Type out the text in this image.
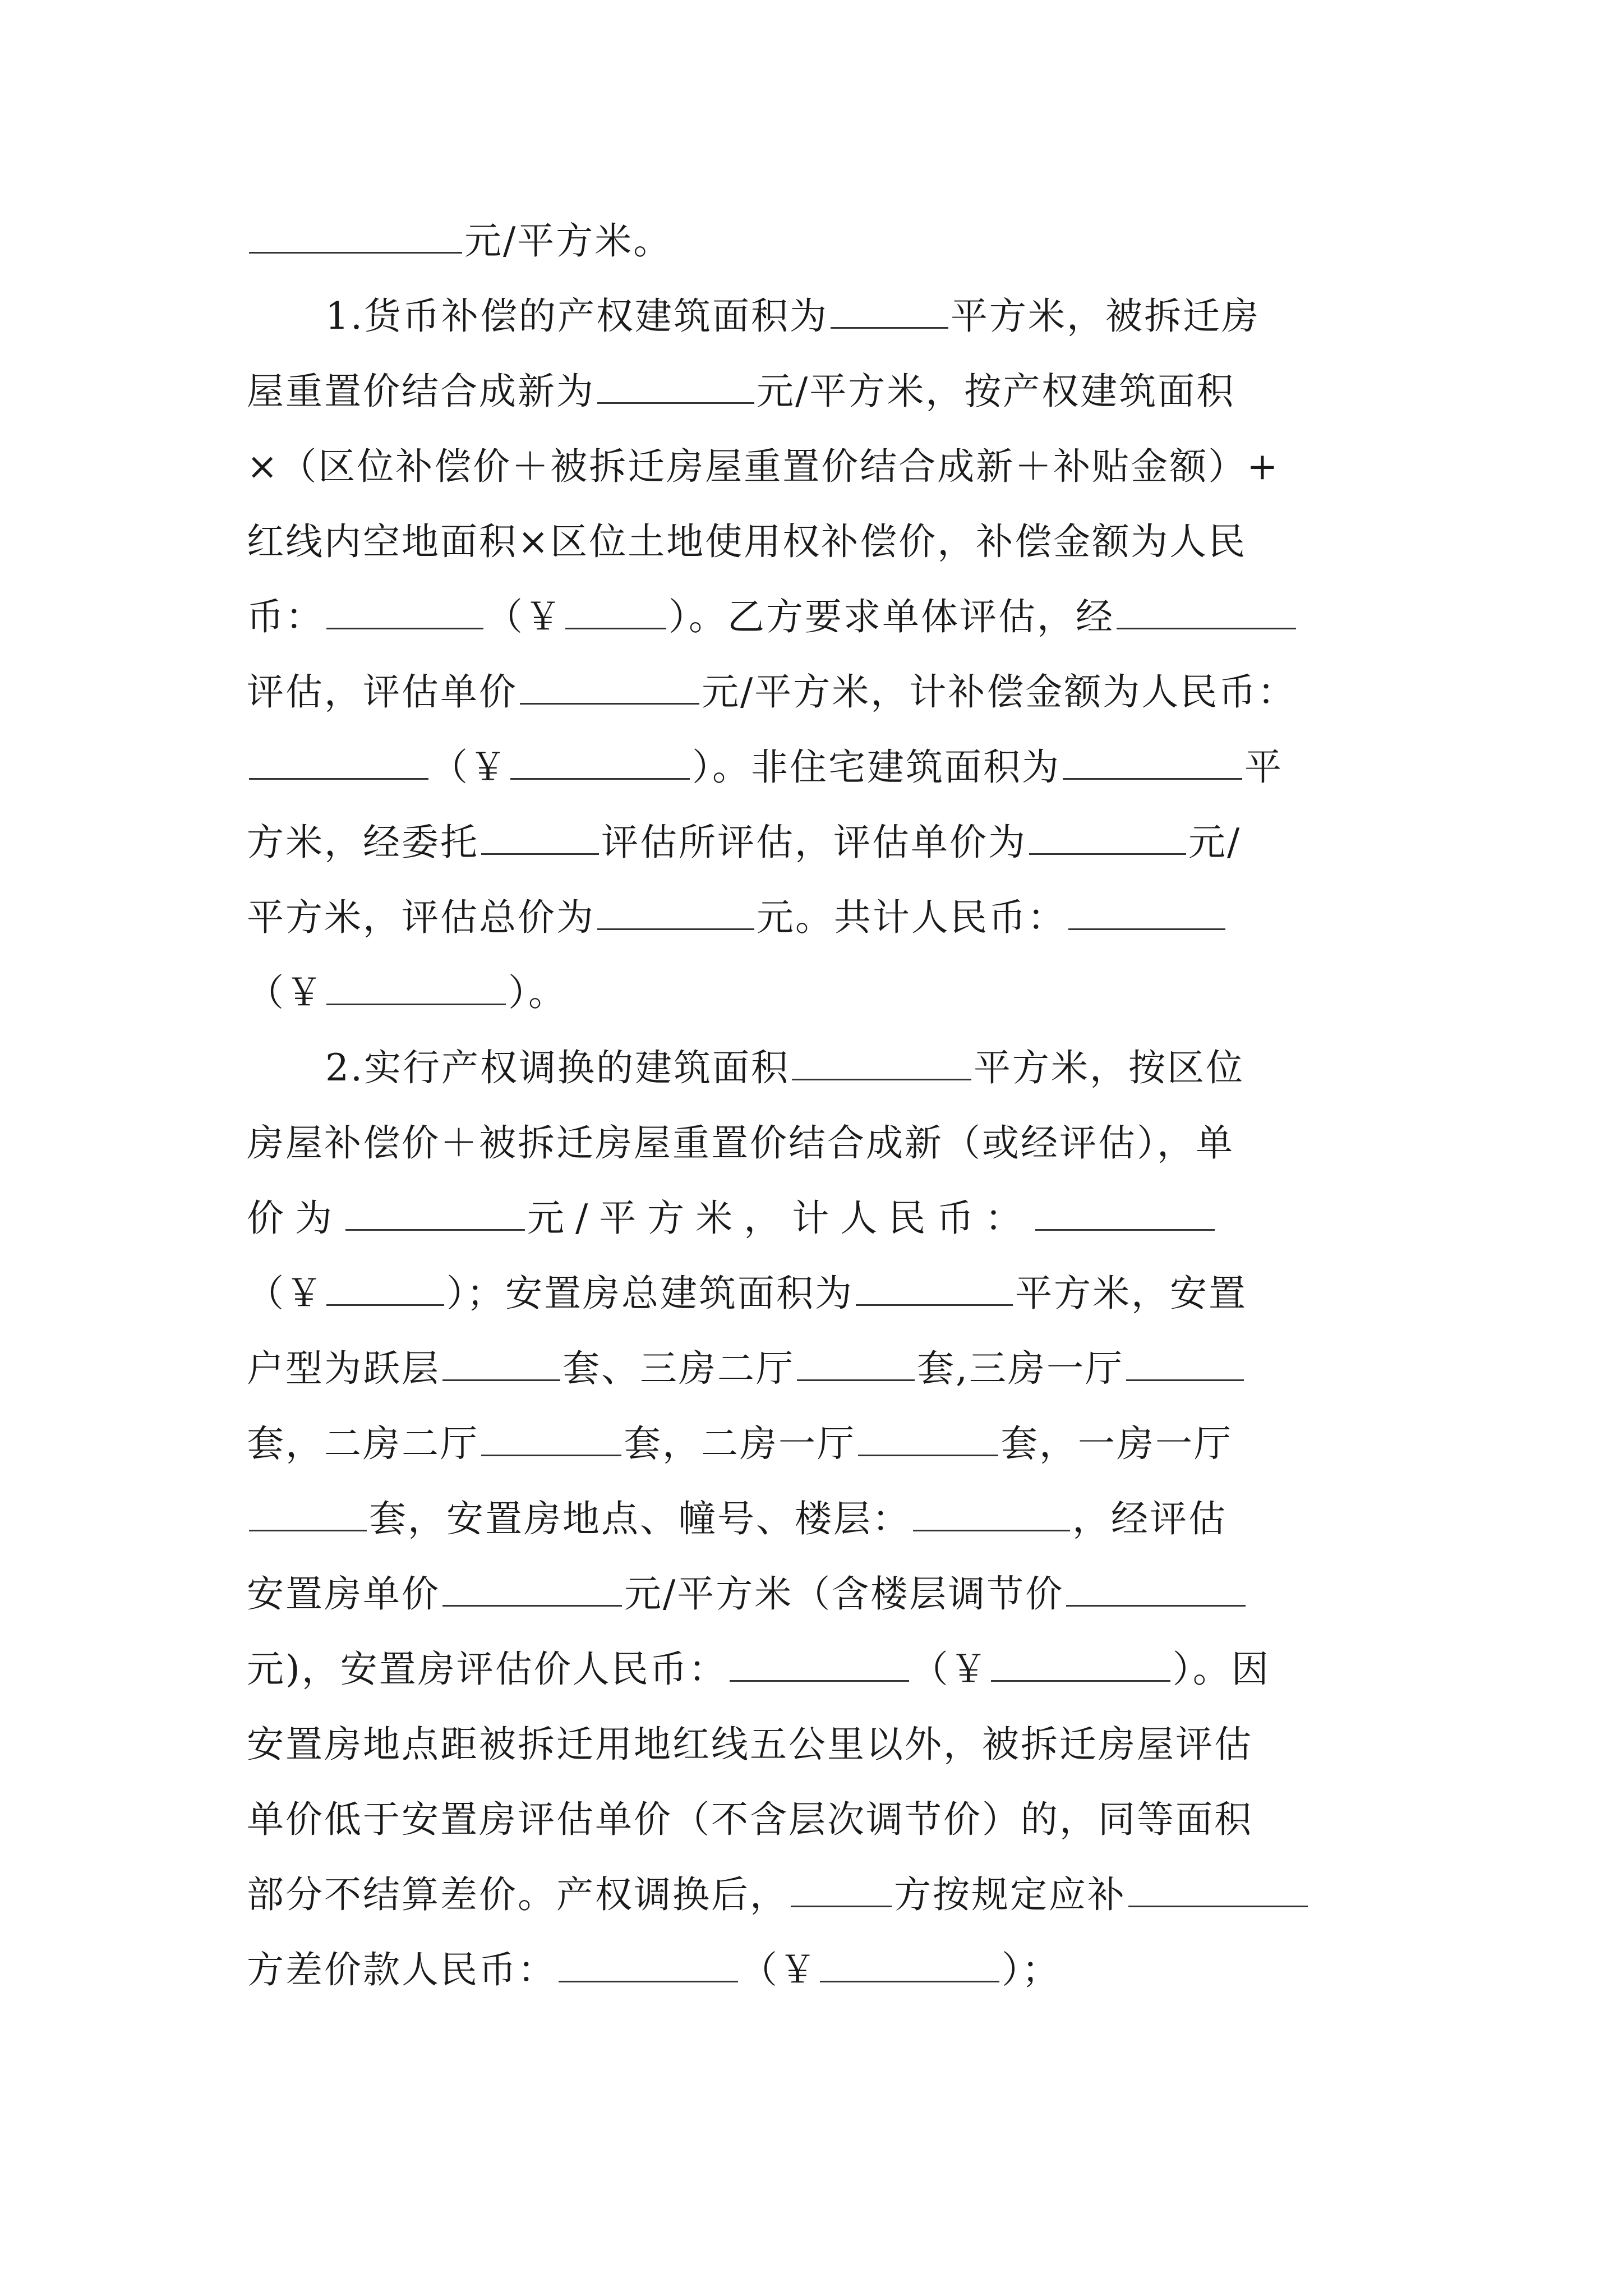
元/平方米。
1.货币补偿的产权建筑面积为	平方米，被拆迁房
屋重置价结合成新为	元/平方米，按产权建筑面积
×（区位补偿价＋被拆迁房屋重置价结合成新＋补贴金额）+
红线内空地面积×区位土地使用权补偿价，补偿金额为人民
币：	（￥	）。乙方要求单体评估，经
评估，评估单价	元/平方米，计补偿金额为人民币：
（￥	）。非住宅建筑面积为	平
方米，经委托	评估所评估，评估单价为	元/
平方米，评估总价为	元。共计人民币：
（￥	）。
2.实行产权调换的建筑面积	平方米，按区位
房屋补偿价＋被拆迁房屋重置价结合成新（或经评估），单
价为	元/平方米，计人民币：
（￥	）；安置房总建筑面积为	平方米，安置
户型为跃层	套、三房二厅	套,三房一厅
套，二房二厅	套，二房一厅	套，一房一厅
套，安置房地点、幢号、楼层：	，经评估
安置房单价	元/平方米（含楼层调节价
元)，安置房评估价人民币：	（￥	）。因
安置房地点距被拆迁用地红线五公里以外，被拆迁房屋评估
单价低于安置房评估单价（不含层次调节价）的，同等面积
部分不结算差价。产权调换后，	方按规定应补
方差价款人民币：	（￥	）；
